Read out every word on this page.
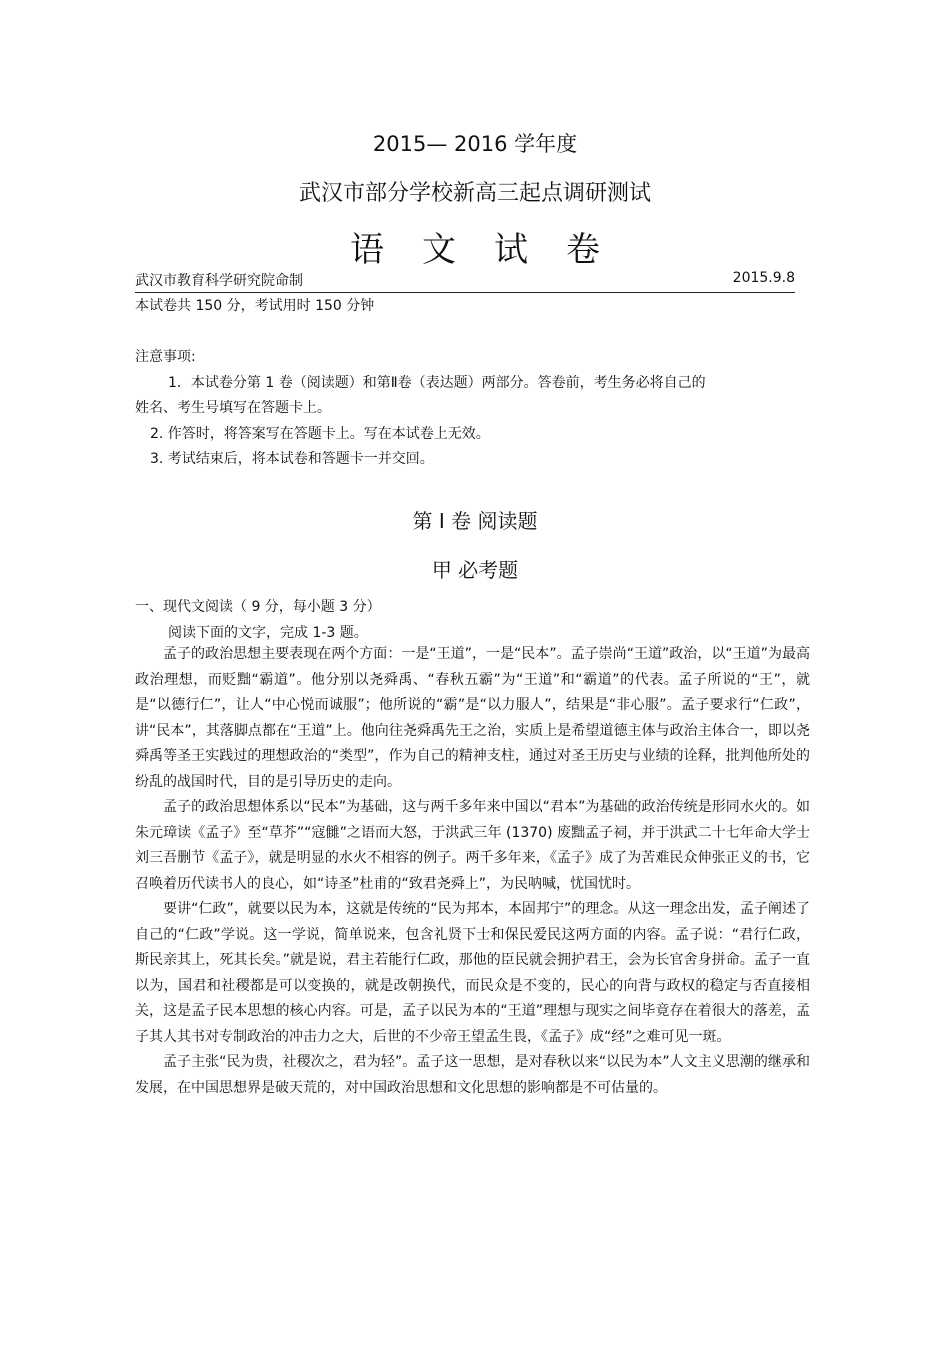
2015— 2016 学年度
武汉市部分学校新高三起点调研测试
语文试卷
武汉市教育科学研究院命制	2015.9.8
本试卷共 150 分，考试用时 150 分钟
注意事项:
1．本试卷分第 1 卷（阅读题）和第Ⅱ卷（表达题）两部分。答卷前，考生务必将自己的
姓名、考生号填写在答题卡上。
2. 作答时，将答案写在答题卡上。写在本试卷上无效。
3. 考试结束后，将本试卷和答题卡一并交回。
第 I 卷 阅读题
甲 必考题
一、现代文阅读（ 9 分，每小题 3 分）
阅读下面的文字，完成 1-3 题。

孟子的政治思想主要表现在两个方面：一是“王道”，一是“民本”。孟子崇尚“王道”政治，以“王道”为最高政治理想，而贬黜“霸道”。他分别以尧舜禹、“春秋五霸”为“王道”和“霸道”的代表。孟子所说的“王”，就是“以德行仁”，让人“中心悦而诚服”；他所说的“霸”是“以力服人”，结果是“非心服”。孟子要求行“仁政”，讲“民本”，其落脚点都在“王道”上。他向往尧舜禹先王之治，实质上是希望道德主体与政治主体合一，即以尧舜禹等圣王实践过的理想政治的“类型”，作为自己的精神支柱，通过对圣王历史与业绩的诠释，批判他所处的纷乱的战国时代，目的是引导历史的走向。

孟子的政治思想体系以“民本”为基础，这与两千多年来中国以“君本”为基础的政治传统是形同水火的。如朱元璋读《孟子》至“草芥”“寇雠”之语而大怒，于洪武三年 (1370) 废黜孟子祠，并于洪武二十七年命大学士刘三吾删节《孟子》，就是明显的水火不相容的例子。两千多年来，《孟子》成了为苦难民众伸张正义的书，它召唤着历代读书人的良心，如“诗圣”杜甫的“致君尧舜上”，为民呐喊，忧国忧时。

要讲“仁政”，就要以民为本，这就是传统的“民为邦本，本固邦宁”的理念。从这一理念出发，孟子阐述了自己的“仁政”学说。这一学说，简单说来，包含礼贤下士和保民爱民这两方面的内容。孟子说：“君行仁政，斯民亲其上，死其长矣。”就是说，君主若能行仁政，那他的臣民就会拥护君王，会为长官舍身拼命。孟子一直以为，国君和社稷都是可以变换的，就是改朝换代，而民众是不变的，民心的向背与政权的稳定与否直接相关，这是孟子民本思想的核心内容。可是，孟子以民为本的“王道”理想与现实之间毕竟存在着很大的落差，孟子其人其书对专制政治的冲击力之大，后世的不少帝王望孟生畏，《孟子》成“经”之难可见一斑。

孟子主张“民为贵，社稷次之，君为轻”。孟子这一思想，是对春秋以来“以民为本”人文主义思潮的继承和发展，在中国思想界是破天荒的，对中国政治思想和文化思想的影响都是不可估量的。
